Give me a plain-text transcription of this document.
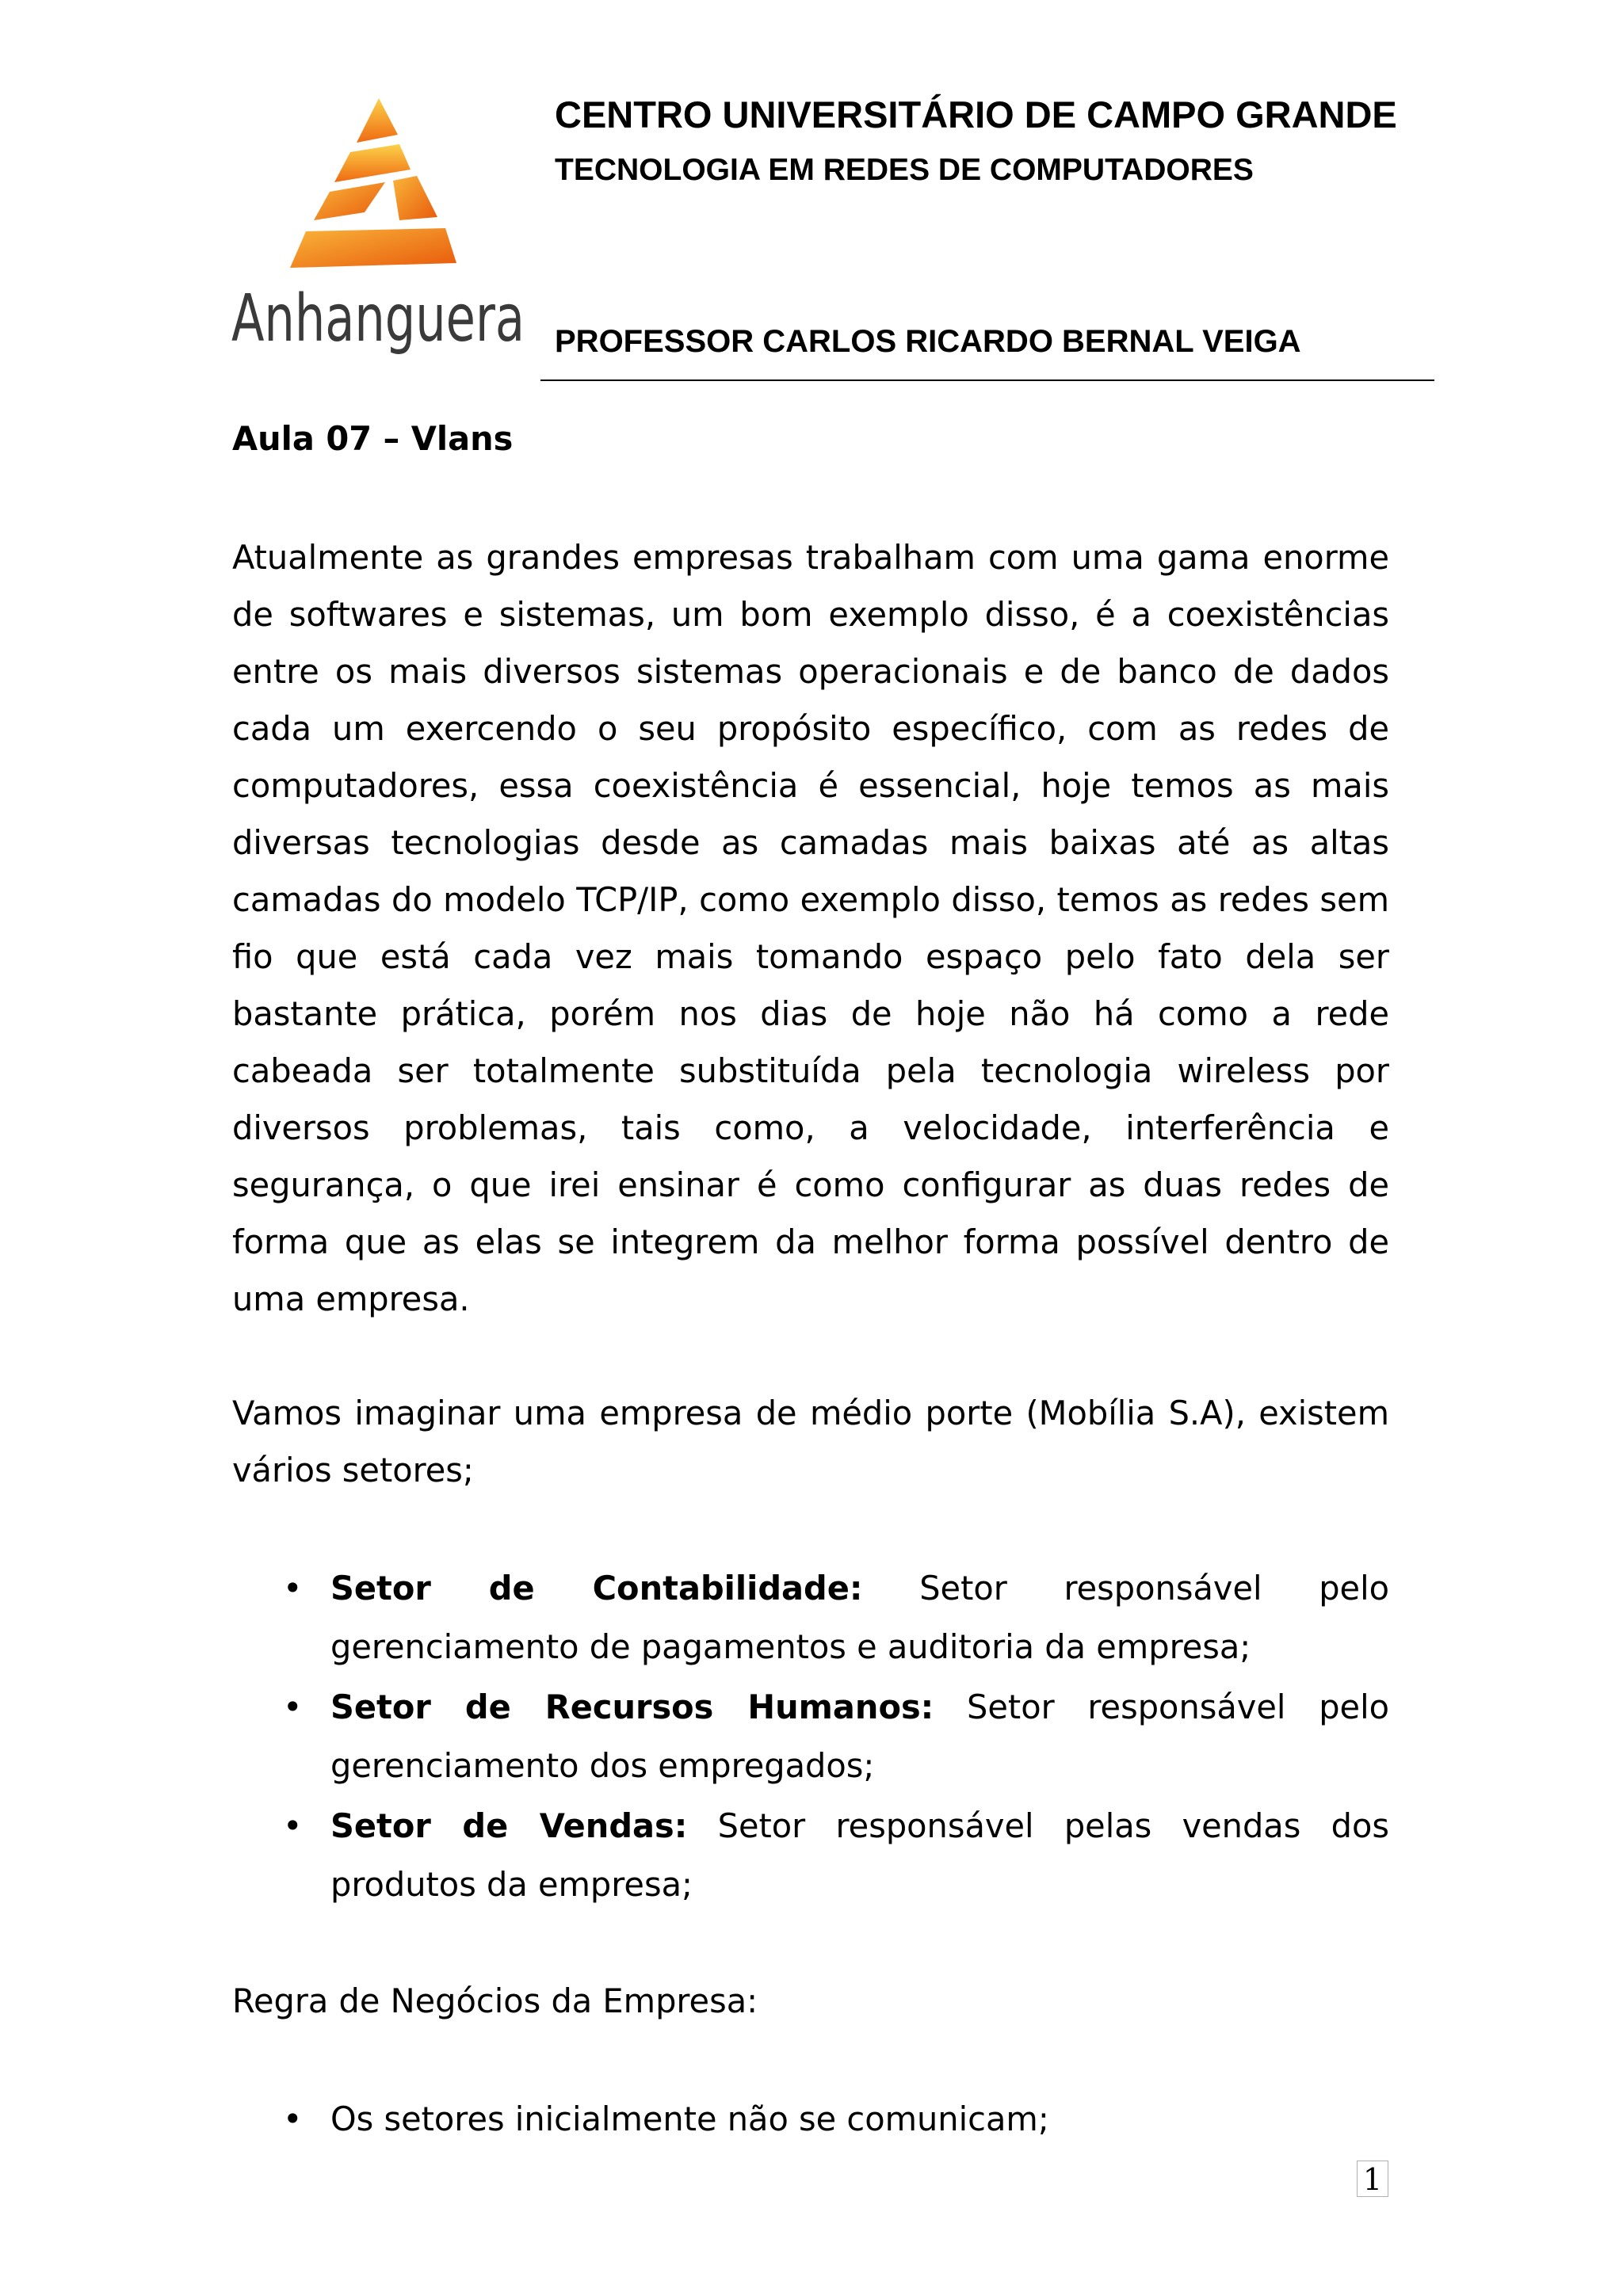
Anhanguera
CENTRO UNIVERSITÁRIO DE CAMPO GRANDE
TECNOLOGIA EM REDES DE COMPUTADORES
PROFESSOR CARLOS RICARDO BERNAL VEIGA

Aula 07 – Vlans

Atualmente as grandes empresas trabalham com uma gama enorme de softwares e sistemas, um bom exemplo disso, é a coexistências entre os mais diversos sistemas operacionais e de banco de dados cada um exercendo o seu propósito específico, com as redes de computadores, essa coexistência é essencial, hoje temos as mais diversas tecnologias desde as camadas mais baixas até as altas camadas do modelo TCP/IP, como exemplo disso, temos as redes sem fio que está cada vez mais tomando espaço pelo fato dela ser bastante prática, porém nos dias de hoje não há como a rede cabeada ser totalmente substituída pela tecnologia wireless por diversos problemas, tais como, a velocidade, interferência e segurança, o que irei ensinar é como configurar as duas redes de forma que as elas se integrem da melhor forma possível dentro de uma empresa.

Vamos imaginar uma empresa de médio porte (Mobília S.A), existem vários setores;

• Setor de Contabilidade: Setor responsável pelo gerenciamento de pagamentos e auditoria da empresa;
• Setor de Recursos Humanos: Setor responsável pelo gerenciamento dos empregados;
• Setor de Vendas: Setor responsável pelas vendas dos produtos da empresa;

Regra de Negócios da Empresa:

• Os setores inicialmente não se comunicam;
1
